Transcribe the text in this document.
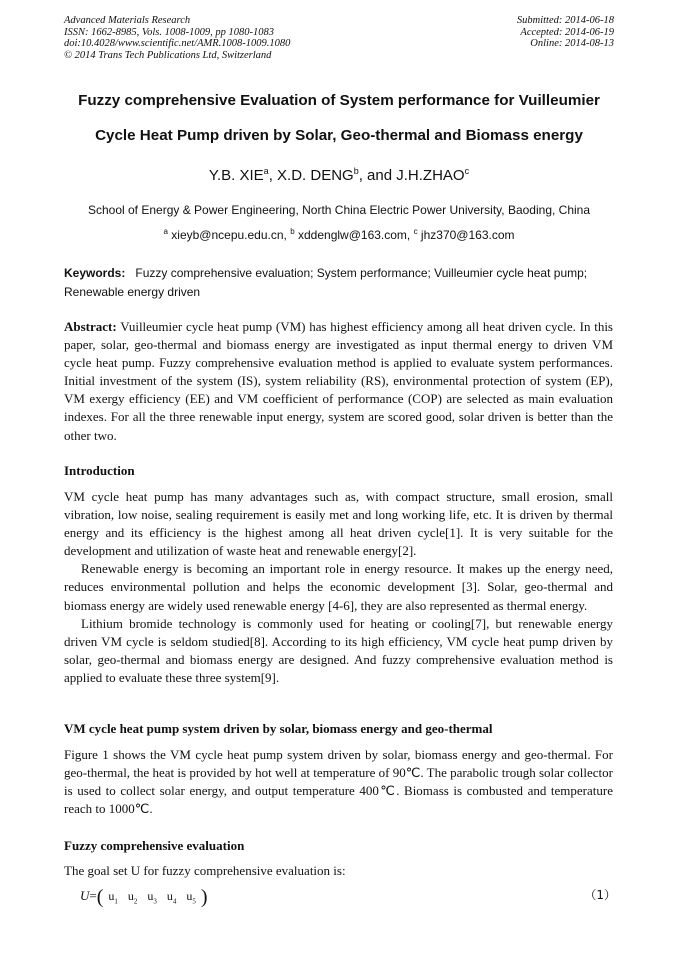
Advanced Materials Research
ISSN: 1662-8985, Vols. 1008-1009, pp 1080-1083
doi:10.4028/www.scientific.net/AMR.1008-1009.1080
© 2014 Trans Tech Publications Ltd, Switzerland
Submitted: 2014-06-18
Accepted: 2014-06-19
Online: 2014-08-13
Fuzzy comprehensive Evaluation of System performance for Vuilleumier
Cycle Heat Pump driven by Solar, Geo-thermal and Biomass energy
Y.B. XIE$^a$, X.D. DENG$^b$, and J.H.ZHAO$^c$
School of Energy & Power Engineering, North China Electric Power University, Baoding, China
$^a$ xieyb@ncepu.edu.cn, $^b$ xddenglw@163.com, $^c$ jhz370@163.com
Keywords: Fuzzy comprehensive evaluation; System performance; Vuilleumier cycle heat pump; Renewable energy driven
Abstract: Vuilleumier cycle heat pump (VM) has highest efficiency among all heat driven cycle. In this paper, solar, geo-thermal and biomass energy are investigated as input thermal energy to driven VM cycle heat pump. Fuzzy comprehensive evaluation method is applied to evaluate system performances. Initial investment of the system (IS), system reliability (RS), environmental protection of system (EP), VM exergy efficiency (EE) and VM coefficient of performance (COP) are selected as main evaluation indexes. For all the three renewable input energy, system are scored good, solar driven is better than the other two.
Introduction
VM cycle heat pump has many advantages such as, with compact structure, small erosion, small vibration, low noise, sealing requirement is easily met and long working life, etc. It is driven by thermal energy and its efficiency is the highest among all heat driven cycle[1]. It is very suitable for the development and utilization of waste heat and renewable energy[2].
Renewable energy is becoming an important role in energy resource. It makes up the energy need, reduces environmental pollution and helps the economic development [3]. Solar, geo-thermal and biomass energy are widely used renewable energy [4-6], they are also represented as thermal energy.
Lithium bromide technology is commonly used for heating or cooling[7], but renewable energy driven VM cycle is seldom studied[8]. According to its high efficiency, VM cycle heat pump driven by solar, geo-thermal and biomass energy are designed. And fuzzy comprehensive evaluation method is applied to evaluate these three system[9].
VM cycle heat pump system driven by solar, biomass energy and geo-thermal
Figure 1 shows the VM cycle heat pump system driven by solar, biomass energy and geo-thermal. For geo-thermal, the heat is provided by hot well at temperature of 90℃. The parabolic trough solar collector is used to collect solar energy, and output temperature 400℃. Biomass is combusted and temperature reach to 1000℃.
Fuzzy comprehensive evaluation
The goal set U for fuzzy comprehensive evaluation is:
U=( $u_1$ $u_2$ $u_3$ $u_4$ $u_5$ )	（1）
